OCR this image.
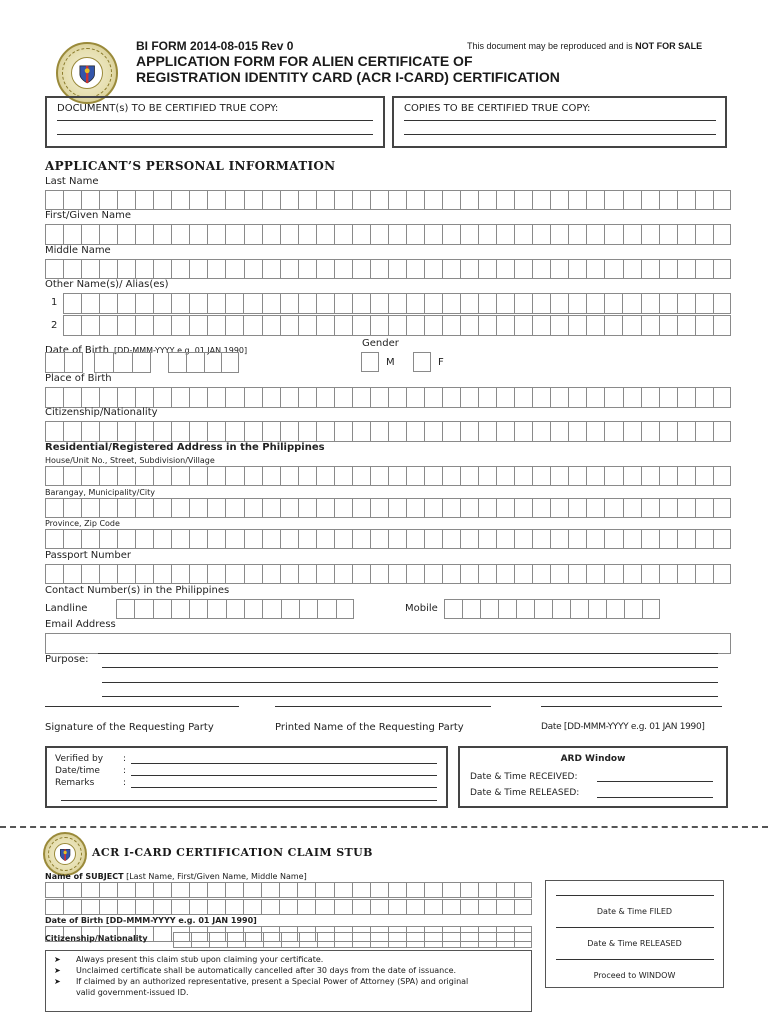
BI FORM 2014-08-015 Rev 0	This document may be reproduced and is NOT FOR SALE
APPLICATION FORM FOR ALIEN CERTIFICATE OF
REGISTRATION IDENTITY CARD (ACR I-CARD) CERTIFICATION
DOCUMENT(s) TO BE CERTIFIED TRUE COPY:	COPIES TO BE CERTIFIED TRUE COPY:
APPLICANT’S PERSONAL INFORMATION
Last Name
First/Given Name
Middle Name
Other Name(s)/ Alias(es)
1
2
Date of Birth [DD-MMM-YYYY e.g. 01 JAN 1990]
Gender
M	F
Place of Birth
Citizenship/Nationality
Residential/Registered Address in the Philippines
House/Unit No., Street, Subdivision/Village
Barangay, Municipality/City
Province, Zip Code
Passport Number
Contact Number(s) in the Philippines
Landline	Mobile
Email Address
Purpose:
Signature of the Requesting Party	Printed Name of the Requesting Party	Date [DD-MMM-YYYY e.g. 01 JAN 1990]
Verified by
Date/time
Remarks
:
:
:
ARD Window
Date & Time RECEIVED:
Date & Time RELEASED:
ACR I-CARD CERTIFICATION CLAIM STUB
Name of SUBJECT [Last Name, First/Given Name, Middle Name]
Date of Birth [DD-MMM-YYYY e.g. 01 JAN 1990]
Citizenship/Nationality
➤ Always present this claim stub upon claiming your certificate.
➤ Unclaimed certificate shall be automatically cancelled after 30 days from the date of issuance.
➤ If claimed by an authorized representative, present a Special Power of Attorney (SPA) and original
valid government-issued ID.
Date & Time FILED
Date & Time RELEASED
Proceed to WINDOW
